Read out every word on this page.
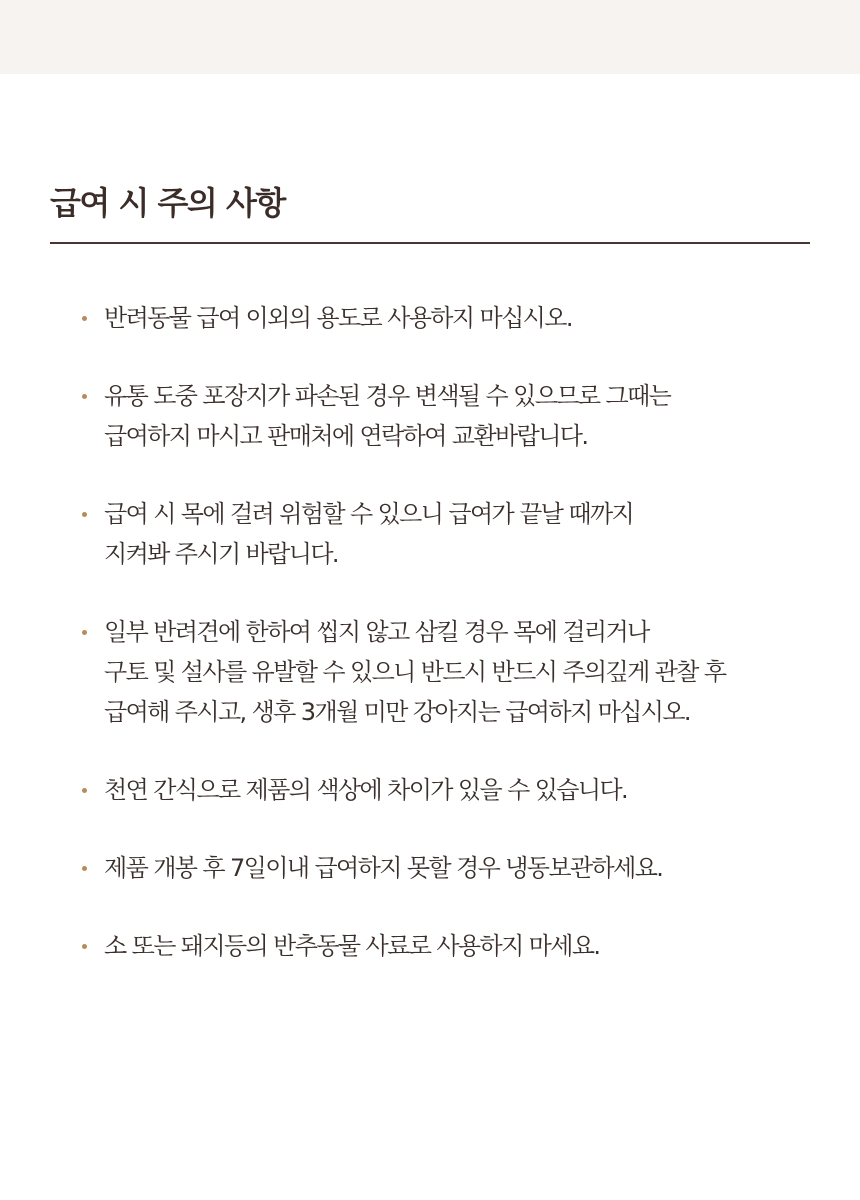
급여 시 주의 사항
반려동물 급여 이외의 용도로 사용하지 마십시오.
유통 도중 포장지가 파손된 경우 변색될 수 있으므로 그때는
급여하지 마시고 판매처에 연락하여 교환바랍니다.
급여 시 목에 걸려 위험할 수 있으니 급여가 끝날 때까지
지켜봐 주시기 바랍니다.
일부 반려견에 한하여 씹지 않고 삼킬 경우 목에 걸리거나
구토 및 설사를 유발할 수 있으니 반드시 반드시 주의깊게 관찰 후
급여해 주시고, 생후 3개월 미만 강아지는 급여하지 마십시오.
천연 간식으로 제품의 색상에 차이가 있을 수 있습니다.
제품 개봉 후 7일이내 급여하지 못할 경우 냉동보관하세요.
소 또는 돼지등의 반추동물 사료로 사용하지 마세요.
